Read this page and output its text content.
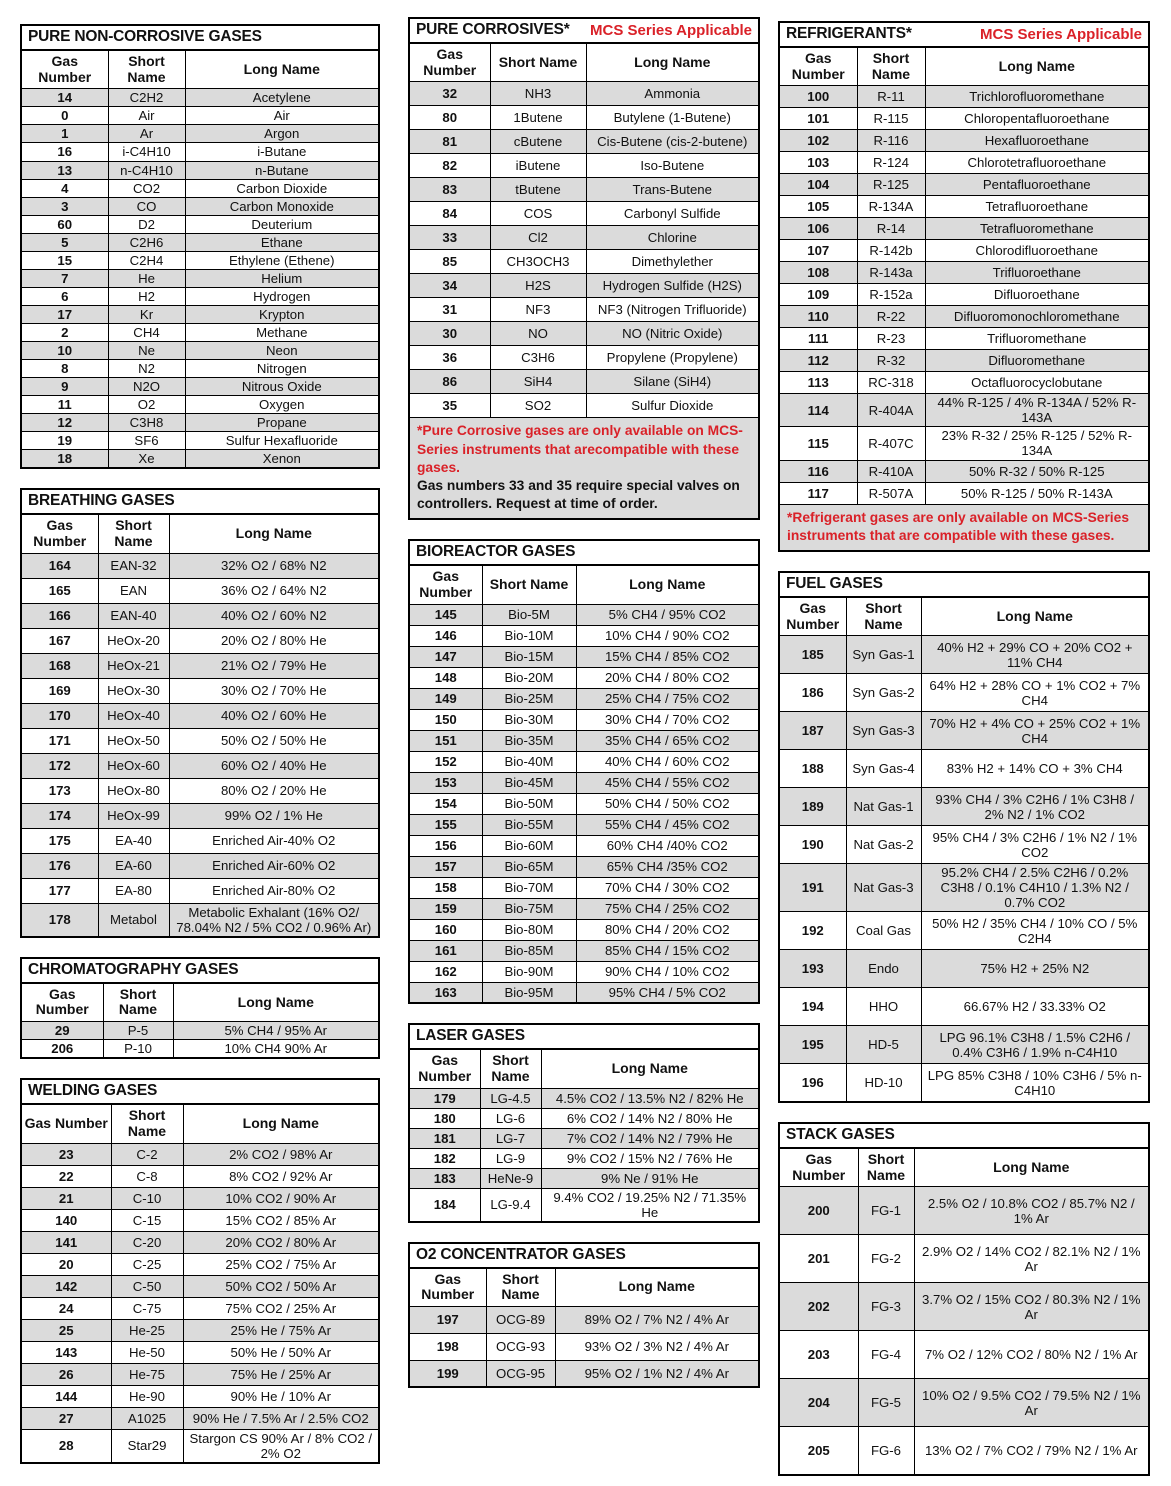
PURE NON-CORROSIVE GASES		

Gas Number	Short Name	Long Name
14	C2H2	Acetylene
0	Air	Air
1	Ar	Argon
16	i-C4H10	i-Butane
13	n-C4H10	n-Butane
4	CO2	Carbon Dioxide
3	CO	Carbon Monoxide
60	D2	Deuterium
5	C2H6	Ethane
15	C2H4	Ethylene (Ethene)
7	He	Helium
6	H2	Hydrogen
17	Kr	Krypton
2	CH4	Methane
10	Ne	Neon
8	N2	Nitrogen
9	N2O	Nitrous Oxide
11	O2	Oxygen
12	C3H8	Propane
19	SF6	Sulfur Hexafluoride
18	Xe	Xenon
BREATHING GASES		

Gas Number	Short Name	Long Name
164	EAN-32	32% O2 / 68% N2
165	EAN	36% O2 / 64% N2
166	EAN-40	40% O2 / 60% N2
167	HeOx-20	20% O2 / 80% He
168	HeOx-21	21% O2 / 79% He
169	HeOx-30	30% O2 / 70% He
170	HeOx-40	40% O2 / 60% He
171	HeOx-50	50% O2 / 50% He
172	HeOx-60	60% O2 / 40% He
173	HeOx-80	80% O2 / 20% He
174	HeOx-99	99% O2 / 1% He
175	EA-40	Enriched Air-40% O2
176	EA-60	Enriched Air-60% O2
177	EA-80	Enriched Air-80% O2
178	Metabol	Metabolic Exhalant (16% O2/ 78.04% N2 / 5% CO2 / 0.96% Ar)
CHROMATOGRAPHY GASES		

Gas Number	Short Name	Long Name
29	P-5	5% CH4 / 95% Ar
206	P-10	10% CH4 90% Ar
WELDING GASES		

Gas Number	Short Name	Long Name
23	C-2	2% CO2 / 98% Ar
22	C-8	8% CO2 / 92% Ar
21	C-10	10% CO2 / 90% Ar
140	C-15	15% CO2 / 85% Ar
141	C-20	20% CO2 / 80% Ar
20	C-25	25% CO2 / 75% Ar
142	C-50	50% CO2 / 50% Ar
24	C-75	75% CO2 / 25% Ar
25	He-25	25% He / 75% Ar
143	He-50	50% He / 50% Ar
26	He-75	75% He / 25% Ar
144	He-90	90% He / 10% Ar
27	A1025	90% He / 7.5% Ar / 2.5% CO2
28	Star29	Stargon CS 90% Ar / 8% CO2 / 2% O2
PURE CORROSIVES* MCS Series Applicable		

Gas Number	Short Name	Long Name
32	NH3	Ammonia
80	1Butene	Butylene (1-Butene)
81	cButene	Cis-Butene (cis-2-butene)
82	iButene	Iso-Butene
83	tButene	Trans-Butene
84	COS	Carbonyl Sulfide
33	Cl2	Chlorine
85	CH3OCH3	Dimethylether
34	H2S	Hydrogen Sulfide (H2S)
31	NF3	NF3 (Nitrogen Trifluoride)
30	NO	NO (Nitric Oxide)
36	C3H6	Propylene (Propylene)
86	SiH4	Silane (SiH4)
35	SO2	Sulfur Dioxide

*Pure Corrosive gases are only available on MCS-Series instruments that arecompatible with these gases.
Gas numbers 33 and 35 require special valves on controllers. Request at time of order.		
BIOREACTOR GASES		

Gas Number	Short Name	Long Name
145	Bio-5M	5% CH4 / 95% CO2
146	Bio-10M	10% CH4 / 90% CO2
147	Bio-15M	15% CH4 / 85% CO2
148	Bio-20M	20% CH4 / 80% CO2
149	Bio-25M	25% CH4 / 75% CO2
150	Bio-30M	30% CH4 / 70% CO2
151	Bio-35M	35% CH4 / 65% CO2
152	Bio-40M	40% CH4 / 60% CO2
153	Bio-45M	45% CH4 / 55% CO2
154	Bio-50M	50% CH4 / 50% CO2
155	Bio-55M	55% CH4 / 45% CO2
156	Bio-60M	60% CH4 /40% CO2
157	Bio-65M	65% CH4 /35% CO2
158	Bio-70M	70% CH4 / 30% CO2
159	Bio-75M	75% CH4 / 25% CO2
160	Bio-80M	80% CH4 / 20% CO2
161	Bio-85M	85% CH4 / 15% CO2
162	Bio-90M	90% CH4 / 10% CO2
163	Bio-95M	95% CH4 / 5% CO2
LASER GASES		

Gas Number	Short Name	Long Name
179	LG-4.5	4.5% CO2 / 13.5% N2 / 82% He
180	LG-6	6% CO2 / 14% N2 / 80% He
181	LG-7	7% CO2 / 14% N2 / 79% He
182	LG-9	9% CO2 / 15% N2 / 76% He
183	HeNe-9	9% Ne / 91% He
184	LG-9.4	9.4% CO2 / 19.25% N2 / 71.35% He
O2 CONCENTRATOR GASES		

Gas Number	Short Name	Long Name
197	OCG-89	89% O2 / 7% N2 / 4% Ar
198	OCG-93	93% O2 / 3% N2 / 4% Ar
199	OCG-95	95% O2 / 1% N2 / 4% Ar
REFRIGERANTS* MCS Series Applicable		

Gas Number	Short Name	Long Name
100	R-11	Trichlorofluoromethane
101	R-115	Chloropentafluoroethane
102	R-116	Hexafluoroethane
103	R-124	Chlorotetrafluoroethane
104	R-125	Pentafluoroethane
105	R-134A	Tetrafluoroethane
106	R-14	Tetrafluoromethane
107	R-142b	Chlorodifluoroethane
108	R-143a	Trifluoroethane
109	R-152a	Difluoroethane
110	R-22	Difluoromonochloromethane
111	R-23	Trifluoromethane
112	R-32	Difluoromethane
113	RC-318	Octafluorocyclobutane
114	R-404A	44% R-125 / 4% R-134A / 52% R-143A
115	R-407C	23% R-32 / 25% R-125 / 52% R-134A
116	R-410A	50% R-32 / 50% R-125
117	R-507A	50% R-125 / 50% R-143A

*Refrigerant gases are only available on MCS-Series instruments that are compatible with these gases.		
FUEL GASES		

Gas Number	Short Name	Long Name
185	Syn Gas-1	40% H2 + 29% CO + 20% CO2 + 11% CH4
186	Syn Gas-2	64% H2 + 28% CO + 1% CO2 + 7% CH4
187	Syn Gas-3	70% H2 + 4% CO + 25% CO2 + 1% CH4
188	Syn Gas-4	83% H2 + 14% CO + 3% CH4
189	Nat Gas-1	93% CH4 / 3% C2H6 / 1% C3H8 / 2% N2 / 1% CO2
190	Nat Gas-2	95% CH4 / 3% C2H6 / 1% N2 / 1% CO2
191	Nat Gas-3	95.2% CH4 / 2.5% C2H6 / 0.2% C3H8 / 0.1% C4H10 / 1.3% N2 / 0.7% CO2
192	Coal Gas	50% H2 / 35% CH4 / 10% CO / 5% C2H4
193	Endo	75% H2 + 25% N2
194	HHO	66.67% H2 / 33.33% O2
195	HD-5	LPG 96.1% C3H8 / 1.5% C2H6 / 0.4% C3H6 / 1.9% n-C4H10
196	HD-10	LPG 85% C3H8 / 10% C3H6 / 5% n-C4H10
STACK GASES		

Gas Number	Short Name	Long Name
200	FG-1	2.5% O2 / 10.8% CO2 / 85.7% N2 / 1% Ar
201	FG-2	2.9% O2 / 14% CO2 / 82.1% N2 / 1% Ar
202	FG-3	3.7% O2 / 15% CO2 / 80.3% N2 / 1% Ar
203	FG-4	7% O2 / 12% CO2 / 80% N2 / 1% Ar
204	FG-5	10% O2 / 9.5% CO2 / 79.5% N2 / 1% Ar
205	FG-6	13% O2 / 7% CO2 / 79% N2 / 1% Ar
